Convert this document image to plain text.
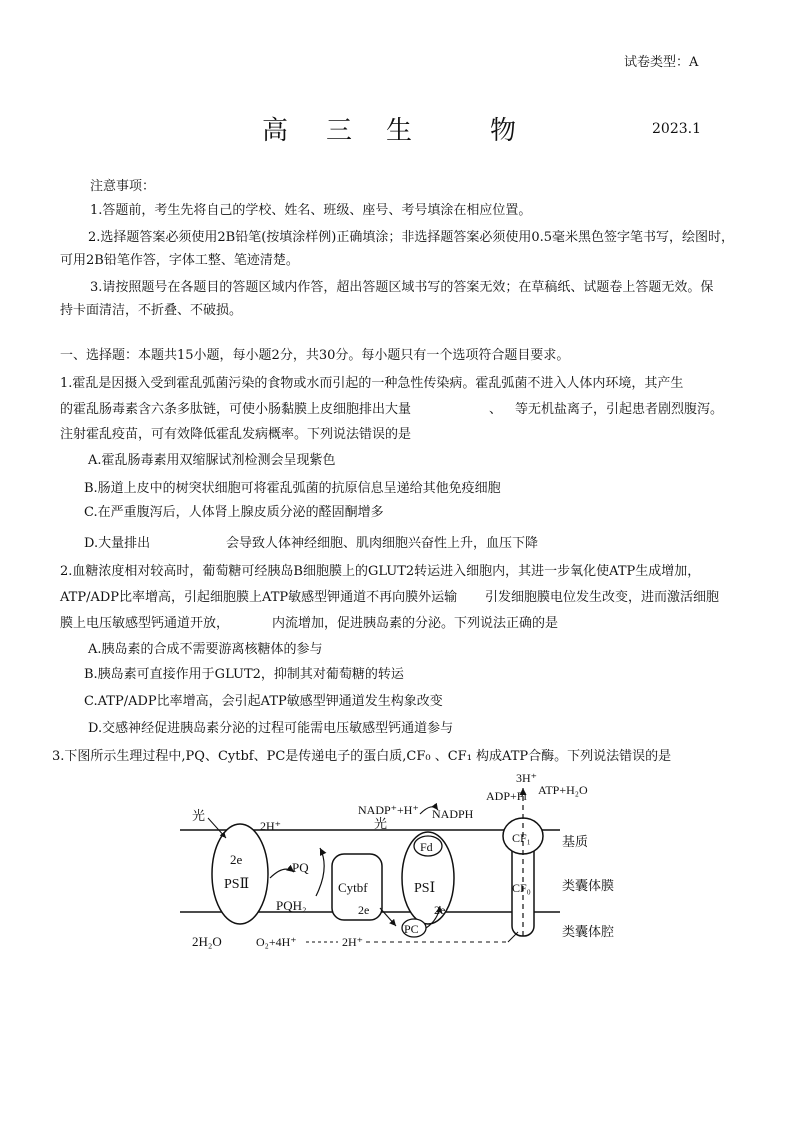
试卷类型：A
高 三 生	物	2023.1
注意事项：
1.答题前，考生先将自己的学校、姓名、班级、座号、考号填涂在相应位置。
2.选择题答案必须使用2B铅笔(按填涂样例)正确填涂；非选择题答案必须使用0.5毫米黑色签字笔书写，绘图时，
可用2B铅笔作答，字体工整、笔迹清楚。
3.请按照题号在各题目的答题区域内作答，超出答题区域书写的答案无效；在草稿纸、试题卷上答题无效。保
持卡面清洁，不折叠、不破损。
一、选择题：本题共15小题，每小题2分，共30分。每小题只有一个选项符合题目要求。
1.霍乱是因摄入受到霍乱弧菌污染的食物或水而引起的一种急性传染病。霍乱弧菌不进入人体内环境，其产生
的霍乱肠毒素含六条多肽链，可使小肠黏膜上皮细胞排出大量	、 等无机盐离子，引起患者剧烈腹泻。
注射霍乱疫苗，可有效降低霍乱发病概率。下列说法错误的是
A.霍乱肠毒素用双缩脲试剂检测会呈现紫色
B.肠道上皮中的树突状细胞可将霍乱弧菌的抗原信息呈递给其他免疫细胞
C.在严重腹泻后，人体肾上腺皮质分泌的醛固酮增多
D.大量排出	会导致人体神经细胞、肌肉细胞兴奋性上升，血压下降
2.血糖浓度相对较高时，葡萄糖可经胰岛B细胞膜上的GLUT2转运进入细胞内，其进一步氧化使ATP生成增加，
ATP/ADP比率增高，引起细胞膜上ATP敏感型钾通道不再向膜外运输 引发细胞膜电位发生改变，进而激活细胞
膜上电压敏感型钙通道开放，	内流增加，促进胰岛素的分泌。下列说法正确的是
A.胰岛素的合成不需要游离核糖体的参与
B.胰岛素可直接作用于GLUT2，抑制其对葡萄糖的转运
C.ATP/ADP比率增高，会引起ATP敏感型钾通道发生构象改变
D.交感神经促进胰岛素分泌的过程可能需电压敏感型钙通道参与
3.下图所示生理过程中,PQ、Cytbf、PC是传递电子的蛋白质,CF₀ 、CF₁ 构成ATP合酶。下列说法错误的是
2e
PSⅡ
PQ
PQH₂
Cytbf
2e
Fd
PSⅠ
2e
PC
CF₁
CF₀
3H⁺
ADP+Pi ATP+H₂O
光
2H⁺
NADP⁺+H⁺ NADPH
光
基质
类囊体膜
类囊体腔
2H₂O	O₂+4H⁺	2H⁺
